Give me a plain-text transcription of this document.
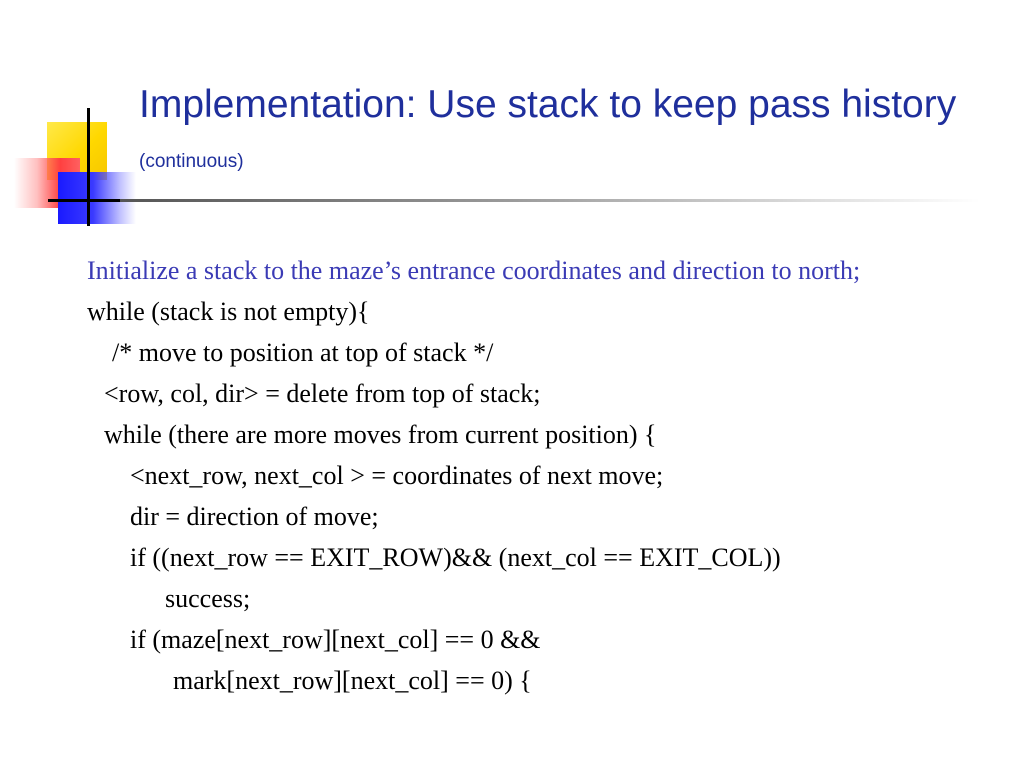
Implementation: Use stack to keep pass history (continuous)
Initialize a stack to the maze’s entrance coordinates and direction to north;
while (stack is not empty){
/* move to position at top of stack */
<row, col, dir> = delete from top of stack;
while (there are more moves from current position) {
<next_row, next_col > = coordinates of next move;
dir = direction of move;
if ((next_row == EXIT_ROW)&& (next_col == EXIT_COL))
success;
if (maze[next_row][next_col] == 0 &&
mark[next_row][next_col] == 0) {
